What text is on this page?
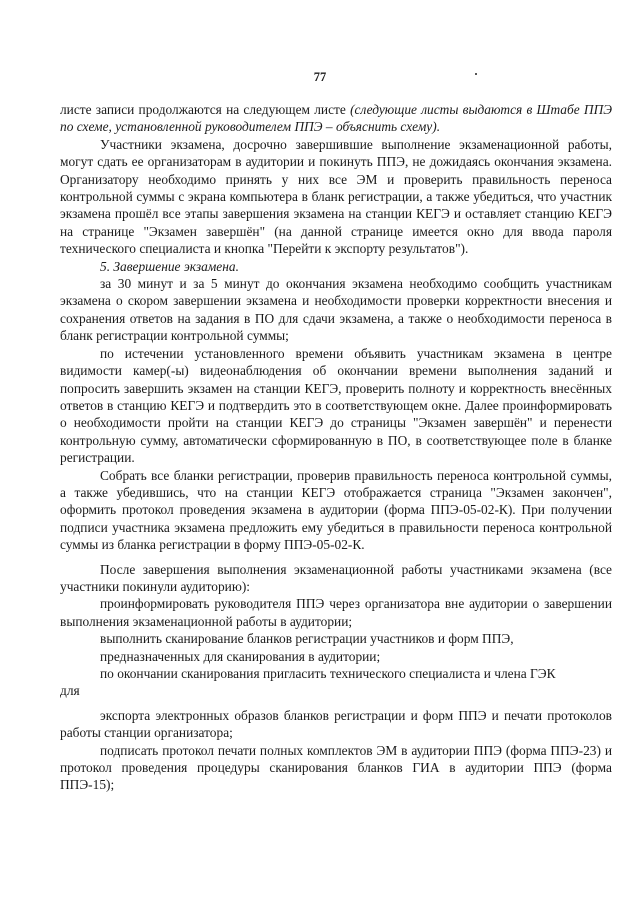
77

листе записи продолжаются на следующем листе (следующие листы выдаются в Штабе ППЭ по схеме, установленной руководителем ППЭ – объяснить схему).

Участники экзамена, досрочно завершившие выполнение экзаменационной работы, могут сдать ее организаторам в аудитории и покинуть ППЭ, не дожидаясь окончания экзамена. Организатору необходимо принять у них все ЭМ и проверить правильность переноса контрольной суммы с экрана компьютера в бланк регистрации, а также убедиться, что участник экзамена прошёл все этапы завершения экзамена на станции КЕГЭ и оставляет станцию КЕГЭ на странице "Экзамен завершён" (на данной странице имеется окно для ввода пароля технического специалиста и кнопка "Перейти к экспорту результатов").

5. Завершение экзамена.

за 30 минут и за 5 минут до окончания экзамена необходимо сообщить участникам экзамена о скором завершении экзамена и необходимости проверки корректности внесения и сохранения ответов на задания в ПО для сдачи экзамена, а также о необходимости переноса в бланк регистрации контрольной суммы;

по истечении установленного времени объявить участникам экзамена в центре видимости камер(-ы) видеонаблюдения об окончании времени выполнения заданий и попросить завершить экзамен на станции КЕГЭ, проверить полноту и корректность внесённых ответов в станцию КЕГЭ и подтвердить это в соответствующем окне. Далее проинформировать о необходимости пройти на станции КЕГЭ до страницы "Экзамен завершён" и перенести контрольную сумму, автоматически сформированную в ПО, в соответствующее поле в бланке регистрации.

Собрать все бланки регистрации, проверив правильность переноса контрольной суммы, а также убедившись, что на станции КЕГЭ отображается страница "Экзамен закончен", оформить протокол проведения экзамена в аудитории (форма ППЭ-05-02-К). При получении подписи участника экзамена предложить ему убедиться в правильности переноса контрольной суммы из бланка регистрации в форму ППЭ-05-02-К.

После завершения выполнения экзаменационной работы участниками экзамена (все участники покинули аудиторию):

проинформировать руководителя ППЭ через организатора вне аудитории о завершении выполнения экзаменационной работы в аудитории;

выполнить сканирование бланков регистрации участников и форм ППЭ,

предназначенных для сканирования в аудитории;

по окончании сканирования пригласить технического специалиста и члена ГЭК

для

экспорта электронных образов бланков регистрации и форм ППЭ и печати протоколов работы станции организатора;

подписать протокол печати полных комплектов ЭМ в аудитории ППЭ (форма ППЭ-23) и протокол проведения процедуры сканирования бланков ГИА в аудитории ППЭ (форма ППЭ-15);
